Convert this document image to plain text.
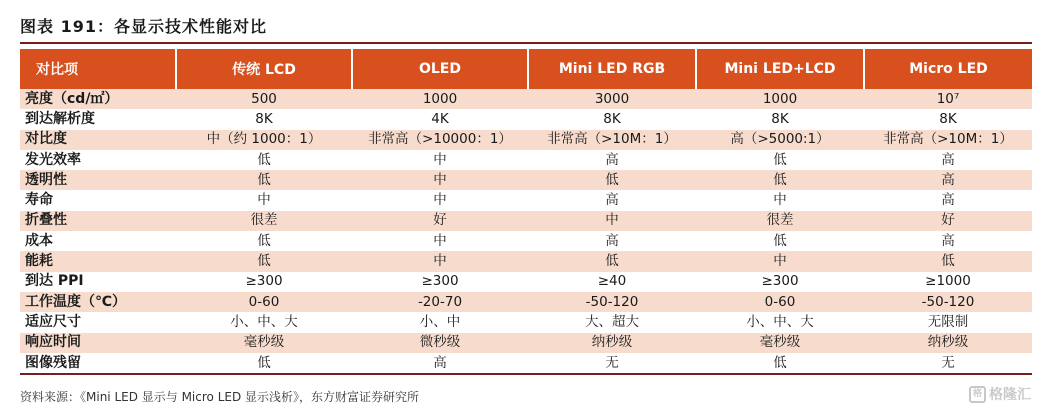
图表 191：各显示技术性能对比
对比项	传统 LCD	OLED	Mini LED RGB	Mini LED+LCD	Micro LED
亮度（cd/㎡）	500	1000	3000	1000	10⁷
到达解析度	8K	4K	8K	8K	8K
对比度	中（约 1000：1）	非常高（>10000：1）	非常高（>10M：1）	高（>5000:1）	非常高（>10M：1）
发光效率	低	中	高	低	高
透明性	低	中	低	低	高
寿命	中	中	高	中	高
折叠性	很差	好	中	很差	好
成本	低	中	高	低	高
能耗	低	中	低	中	低
到达 PPI	≥300	≥300	≥40	≥300	≥1000
工作温度（℃）	0-60	-20-70	-50-120	0-60	-50-120
适应尺寸	小、中、大	小、中	大、超大	小、中、大	无限制
响应时间	毫秒级	微秒级	纳秒级	毫秒级	纳秒级
图像残留	低	高	无	低	无
资料来源：《Mini LED 显示与 Micro LED 显示浅析》，东方财富证券研究所	格 格隆汇
